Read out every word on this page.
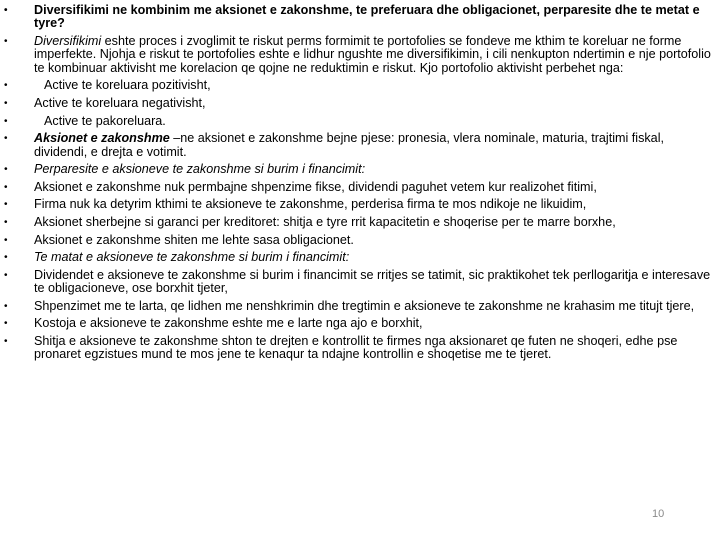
• Diversifikimi ne kombinim me aksionet e zakonshme, te preferuara dhe obligacionet, perparesite dhe te metat e tyre?
• Diversifikimi eshte proces i zvoglimit te riskut perms formimit te portofolies se fondeve me kthim te koreluar ne forme imperfekte. Njohja e riskut te portofolies eshte e lidhur ngushte me diversifikimin, i cili nenkupton ndertimin e nje portofolio te kombinuar aktivisht me korelacion qe qojne ne reduktimin e riskut. Kjo portofolio aktivisht perbehet nga:
• Active te koreluara pozitivisht,
• Active te koreluara negativisht,
• Active te pakoreluara.
• Aksionet e zakonshme –ne aksionet e zakonshme bejne pjese: pronesia, vlera nominale, maturia, trajtimi fiskal, dividendi, e drejta e votimit.
• Perparesite e aksioneve te zakonshme si burim i financimit:
• Aksionet e zakonshme nuk permbajne shpenzime fikse, dividendi paguhet vetem kur realizohet fitimi,
• Firma nuk ka detyrim kthimi te aksioneve te zakonshme, perderisa firma te mos ndikoje ne likuidim,
• Aksionet sherbejne si garanci per kreditoret: shitja e tyre rrit kapacitetin e shoqerise per te marre borxhe,
• Aksionet e zakonshme shiten me lehte sasa obligacionet.
• Te matat e aksioneve te zakonshme si burim i financimit:
• Dividendet e aksioneve te zakonshme si burim i financimit se rritjes se tatimit, sic praktikohet tek perllogaritja e interesave te obligacioneve, ose borxhit tjeter,
• Shpenzimet me te larta, qe lidhen me nenshkrimin dhe tregtimin e aksioneve te zakonshme ne krahasim me titujt tjere,
• Kostoja e aksioneve te zakonshme eshte me e larte nga ajo e borxhit,
• Shitja e aksioneve te zakonshme shton te drejten e kontrollit te firmes nga aksionaret qe futen ne shoqeri, edhe pse pronaret egzistues mund te mos jene te kenaqur ta ndajne kontrollin e shoqetise me te tjeret.
10
